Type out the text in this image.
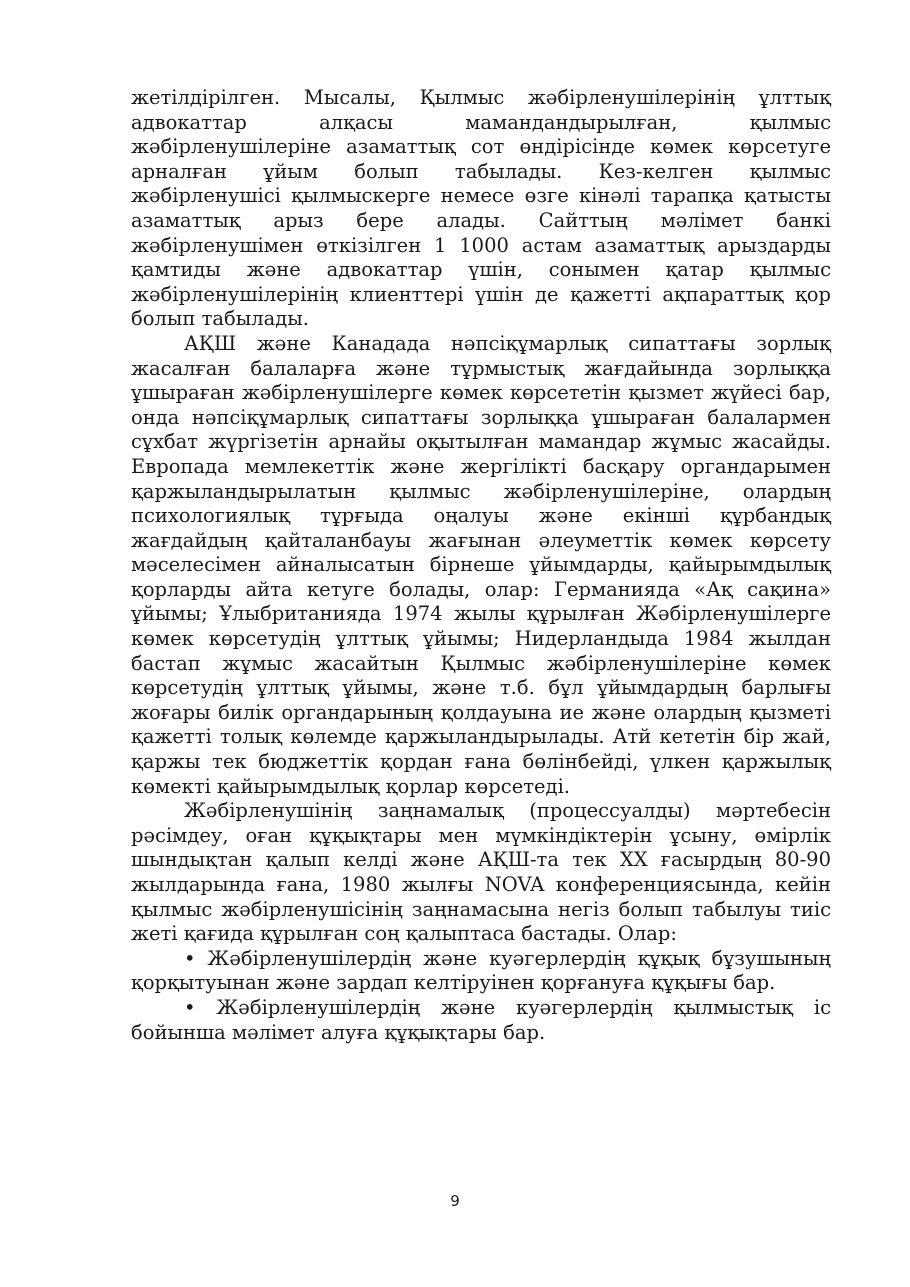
жетілдірілген. Мысалы, Қылмыс жәбірленушілерінің ұлттық адвокаттар алқасы мамандандырылған, қылмыс жәбірленушілеріне азаматтық сот өндірісінде көмек көрсетуге арналған ұйым болып табылады. Кез-келген қылмыс жәбірленушісі қылмыскерге немесе өзге кінәлі тарапқа қатысты азаматтық арыз бере алады. Сайттың мәлімет банкі жәбірленушімен өткізілген 1 1000 астам азаматтық арыздарды қамтиды және адвокаттар үшін, сонымен қатар қылмыс жәбірленушілерінің клиенттері үшін де қажетті ақпараттық қор болып табылады.

АҚШ және Канадада нәпсіқұмарлық сипаттағы зорлық жасалған балаларға және тұрмыстық жағдайында зорлыққа ұшыраған жәбірленушілерге көмек көрсететін қызмет жүйесі бар, онда нәпсіқұмарлық сипаттағы зорлыққа ұшыраған балалармен сұхбат жүргізетін арнайы оқытылған мамандар жұмыс жасайды. Европада мемлекеттік және жергілікті басқару органдарымен қаржыландырылатын қылмыс жәбірленушілеріне, олардың психологиялық тұрғыда оңалуы және екінші құрбандық жағдайдың қайталанбауы жағынан әлеуметтік көмек көрсету мәселесімен айналысатын бірнеше ұйымдарды, қайырымдылық қорларды айта кетуге болады, олар: Германияда «Ақ сақина» ұйымы; Ұлыбританияда 1974 жылы құрылған Жәбірленушілерге көмек көрсетудің ұлттық ұйымы; Нидерландыда 1984 жылдан бастап жұмыс жасайтын Қылмыс жәбірленушілеріне көмек көрсетудің ұлттық ұйымы, және т.б. бұл ұйымдардың барлығы жоғары билік органдарының қолдауына ие және олардың қызметі қажетті толық көлемде қаржыландырылады. Атй кететін бір жай, қаржы тек бюджеттік қордан ғана бөлінбейді, үлкен қаржылық көмекті қайырымдылық қорлар көрсетеді.

Жәбірленушінің заңнамалық (процессуалды) мәртебесін рәсімдеу, оған құқықтары мен мүмкіндіктерін ұсыну, өмірлік шындықтан қалып келді және АҚШ-та тек XX ғасырдың 80-90 жылдарында ғана, 1980 жылғы NOVA конференциясында, кейін қылмыс жәбірленушісінің заңнамасына негіз болып табылуы тиіс жеті қағида құрылған соң қалыптаса бастады. Олар:

• Жәбірленушілердің және куәгерлердің құқық бұзушының қорқытуынан және зардап келтіруінен қорғануға құқығы бар.

• Жәбірленушілердің және куәгерлердің қылмыстық іс бойынша мәлімет алуға құқықтары бар.

9
